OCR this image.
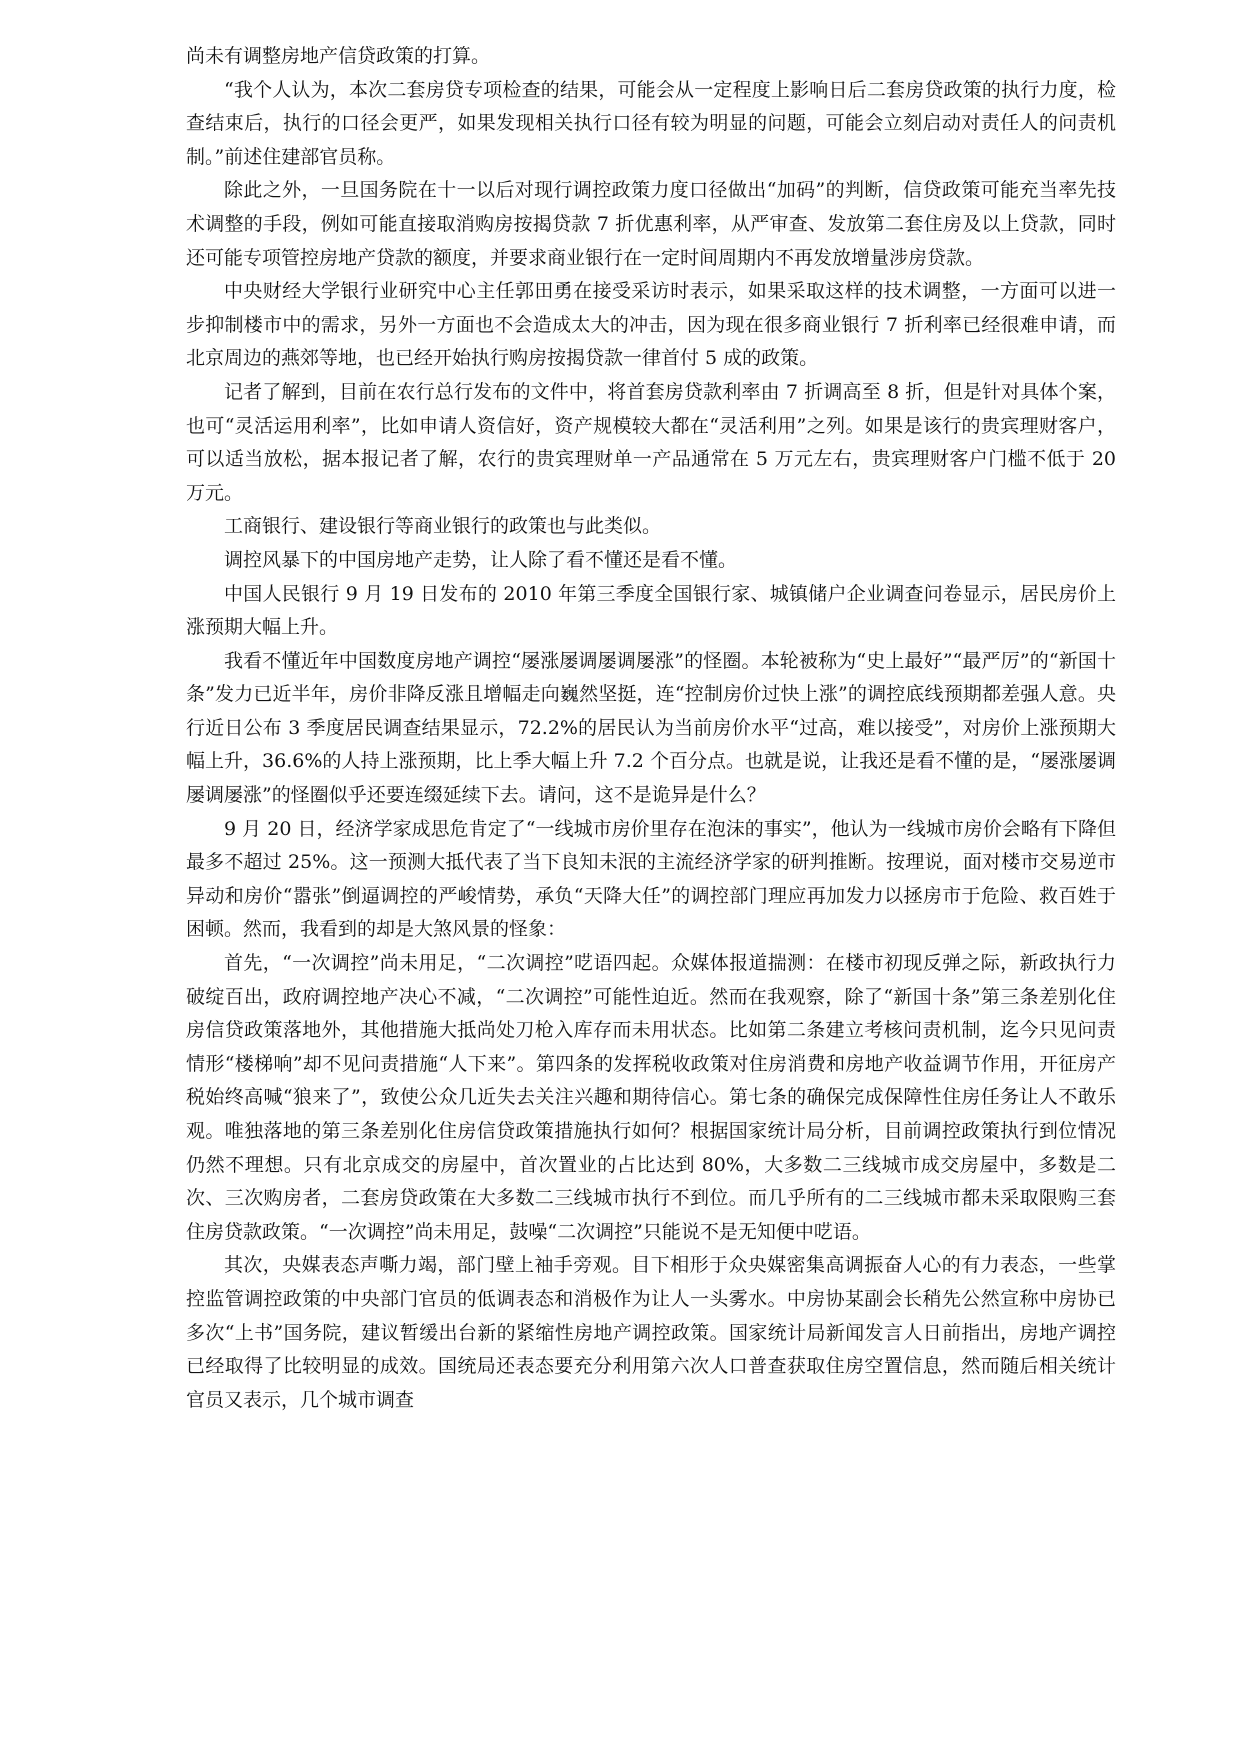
尚未有调整房地产信贷政策的打算。

“我个人认为，本次二套房贷专项检查的结果，可能会从一定程度上影响日后二套房贷政策的执行力度，检查结束后，执行的口径会更严，如果发现相关执行口径有较为明显的问题，可能会立刻启动对责任人的问责机制。”前述住建部官员称。

除此之外，一旦国务院在十一以后对现行调控政策力度口径做出“加码”的判断，信贷政策可能充当率先技术调整的手段，例如可能直接取消购房按揭贷款 7 折优惠利率，从严审查、发放第二套住房及以上贷款，同时还可能专项管控房地产贷款的额度，并要求商业银行在一定时间周期内不再发放增量涉房贷款。

中央财经大学银行业研究中心主任郭田勇在接受采访时表示，如果采取这样的技术调整，一方面可以进一步抑制楼市中的需求，另外一方面也不会造成太大的冲击，因为现在很多商业银行 7 折利率已经很难申请，而北京周边的燕郊等地，也已经开始执行购房按揭贷款一律首付 5 成的政策。

记者了解到，目前在农行总行发布的文件中，将首套房贷款利率由 7 折调高至 8 折，但是针对具体个案，也可“灵活运用利率”，比如申请人资信好，资产规模较大都在“灵活利用”之列。如果是该行的贵宾理财客户，可以适当放松，据本报记者了解，农行的贵宾理财单一产品通常在 5 万元左右，贵宾理财客户门槛不低于 20 万元。

工商银行、建设银行等商业银行的政策也与此类似。

调控风暴下的中国房地产走势，让人除了看不懂还是看不懂。

中国人民银行 9 月 19 日发布的 2010 年第三季度全国银行家、城镇储户企业调查问卷显示，居民房价上涨预期大幅上升。

我看不懂近年中国数度房地产调控“屡涨屡调屡调屡涨”的怪圈。本轮被称为“史上最好”“最严厉”的“新国十条”发力已近半年，房价非降反涨且增幅走向巍然坚挺，连“控制房价过快上涨”的调控底线预期都差强人意。央行近日公布 3 季度居民调查结果显示，72.2%的居民认为当前房价水平“过高，难以接受”，对房价上涨预期大幅上升，36.6%的人持上涨预期，比上季大幅上升 7.2 个百分点。也就是说，让我还是看不懂的是，“屡涨屡调屡调屡涨”的怪圈似乎还要连缀延续下去。请问，这不是诡异是什么？

9 月 20 日，经济学家成思危肯定了“一线城市房价里存在泡沫的事实”，他认为一线城市房价会略有下降但最多不超过 25%。这一预测大抵代表了当下良知未泯的主流经济学家的研判推断。按理说，面对楼市交易逆市异动和房价“嚣张”倒逼调控的严峻情势，承负“天降大任”的调控部门理应再加发力以拯房市于危险、救百姓于困顿。然而，我看到的却是大煞风景的怪象：

首先，“一次调控”尚未用足，“二次调控”呓语四起。众媒体报道揣测：在楼市初现反弹之际，新政执行力破绽百出，政府调控地产决心不减，“二次调控”可能性迫近。然而在我观察，除了“新国十条”第三条差别化住房信贷政策落地外，其他措施大抵尚处刀枪入库存而未用状态。比如第二条建立考核问责机制，迄今只见问责情形“楼梯响”却不见问责措施“人下来”。第四条的发挥税收政策对住房消费和房地产收益调节作用，开征房产税始终高喊“狼来了”，致使公众几近失去关注兴趣和期待信心。第七条的确保完成保障性住房任务让人不敢乐观。唯独落地的第三条差别化住房信贷政策措施执行如何？根据国家统计局分析，目前调控政策执行到位情况仍然不理想。只有北京成交的房屋中，首次置业的占比达到 80%，大多数二三线城市成交房屋中，多数是二次、三次购房者，二套房贷政策在大多数二三线城市执行不到位。而几乎所有的二三线城市都未采取限购三套住房贷款政策。“一次调控”尚未用足，鼓噪“二次调控”只能说不是无知便中呓语。

其次，央媒表态声嘶力竭，部门壁上袖手旁观。目下相形于众央媒密集高调振奋人心的有力表态，一些掌控监管调控政策的中央部门官员的低调表态和消极作为让人一头雾水。中房协某副会长稍先公然宣称中房协已多次“上书”国务院，建议暂缓出台新的紧缩性房地产调控政策。国家统计局新闻发言人日前指出，房地产调控已经取得了比较明显的成效。国统局还表态要充分利用第六次人口普查获取住房空置信息，然而随后相关统计官员又表示，几个城市调查
